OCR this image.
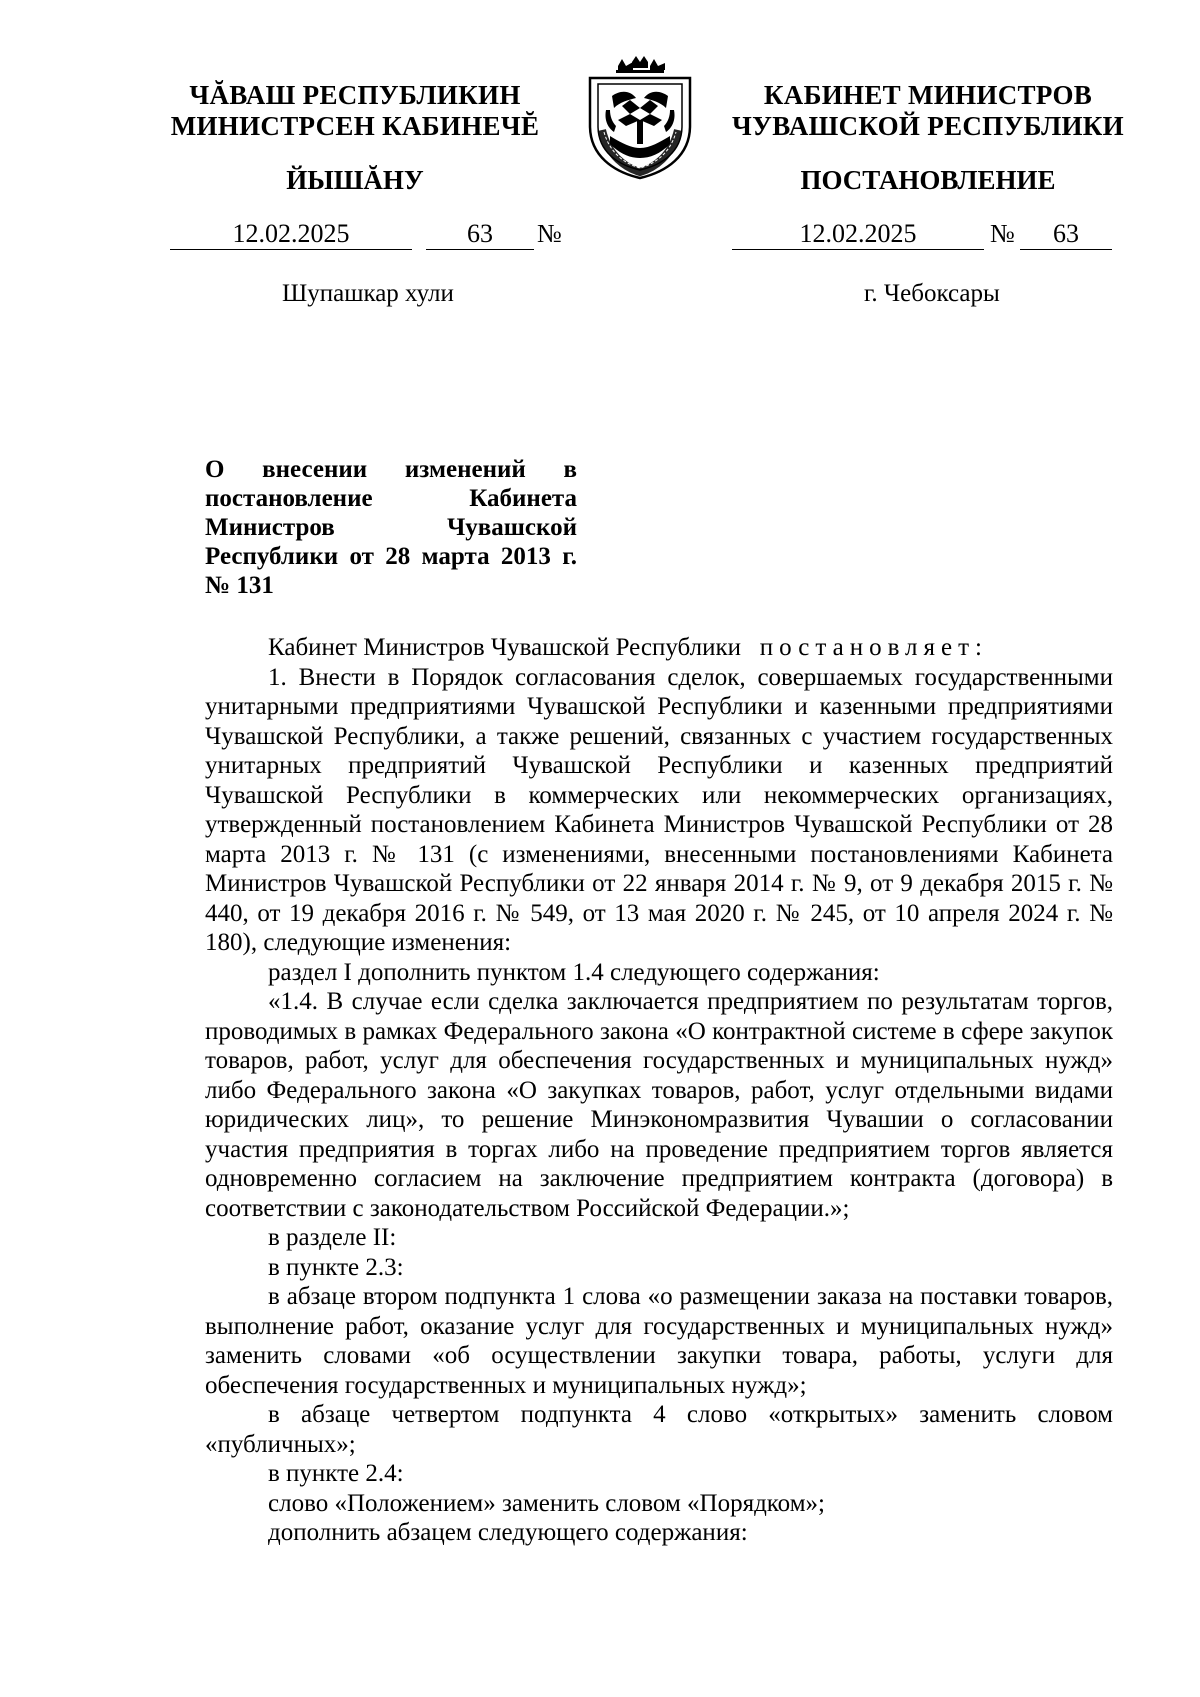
ЧĂВАШ РЕСПУБЛИКИН
МИНИСТРСЕН КАБИНЕЧĔ
ЙЫШĂНУ
12.02.2025	63	№
Шупашкар хули
КАБИНЕТ МИНИСТРОВ
ЧУВАШСКОЙ РЕСПУБЛИКИ
ПОСТАНОВЛЕНИЕ
12.02.2025	№	63
г. Чебоксары
О внесении изменений в постановление Кабинета Министров Чувашской Республики от 28 марта 2013 г. № 131

Кабинет Министров Чувашской Республики постановляет:

1. Внести в Порядок согласования сделок, совершаемых государственными унитарными предприятиями Чувашской Республики и казенными предприятиями Чувашской Республики, а также решений, связанных с участием государственных унитарных предприятий Чувашской Республики и казенных предприятий Чувашской Республики в коммерческих или некоммерческих организациях, утвержденный постановлением Кабинета Министров Чувашской Республики от 28 марта 2013 г. № 131 (с изменениями, внесенными постановлениями Кабинета Министров Чувашской Республики от 22 января 2014 г. № 9, от 9 декабря 2015 г. № 440, от 19 декабря 2016 г. № 549, от 13 мая 2020 г. № 245, от 10 апреля 2024 г. № 180), следующие изменения:

раздел I дополнить пунктом 1.4 следующего содержания:

«1.4. В случае если сделка заключается предприятием по результатам торгов, проводимых в рамках Федерального закона «О контрактной системе в сфере закупок товаров, работ, услуг для обеспечения государственных и муниципальных нужд» либо Федерального закона «О закупках товаров, работ, услуг отдельными видами юридических лиц», то решение Минэкономразвития Чувашии о согласовании участия предприятия в торгах либо на проведение предприятием торгов является одновременно согласием на заключение предприятием контракта (договора) в соответствии с законодательством Российской Федерации.»;

в разделе II:

в пункте 2.3:

в абзаце втором подпункта 1 слова «о размещении заказа на поставки товаров, выполнение работ, оказание услуг для государственных и муниципальных нужд» заменить словами «об осуществлении закупки товара, работы, услуги для обеспечения государственных и муниципальных нужд»;

в абзаце четвертом подпункта 4 слово «открытых» заменить словом «публичных»;

в пункте 2.4:

слово «Положением» заменить словом «Порядком»;

дополнить абзацем следующего содержания:
